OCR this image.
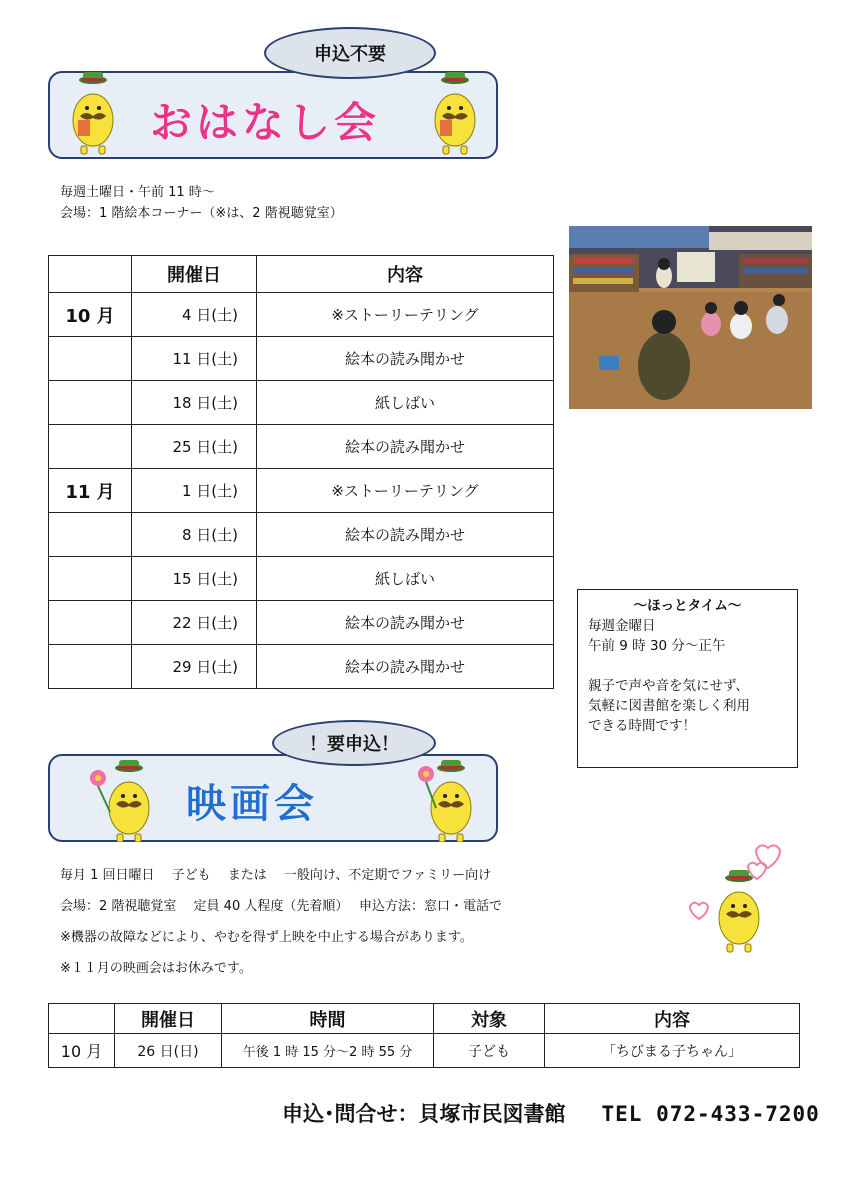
申込不要
おはなし会
毎週土曜日・午前 11 時～
会場：1 階絵本コーナー（※は、2 階視聴覚室）
	開催日	内容
10 月	4 日(土)	※ストーリーテリング
	11 日(土)	絵本の読み聞かせ
	18 日(土)	紙しばい
	25 日(土)	絵本の読み聞かせ
11 月	1 日(土)	※ストーリーテリング
	8 日(土)	絵本の読み聞かせ
	15 日(土)	紙しばい
	22 日(土)	絵本の読み聞かせ
	29 日(土)	絵本の読み聞かせ
～ほっとタイム～
毎週金曜日
午前 9 時 30 分～正午
親子で声や音を気にせず、
気軽に図書館を楽しく利用
できる時間です！
！要申込！
映画会
毎月 1 回日曜日　 子ども　 または　 一般向け、不定期でファミリー向け
会場：2 階視聴覚室　 定員 40 人程度（先着順）　 申込方法：窓口・電話で
※機器の故障などにより、やむを得ず上映を中止する場合があります。
※１１月の映画会はお休みです。
	開催日	時間	対象	内容
10 月	26 日(日)	午後 1 時 15 分～2 時 55 分	子ども	「ちびまる子ちゃん」
申込･問合せ：貝塚市民図書館 TEL 072-433-7200
